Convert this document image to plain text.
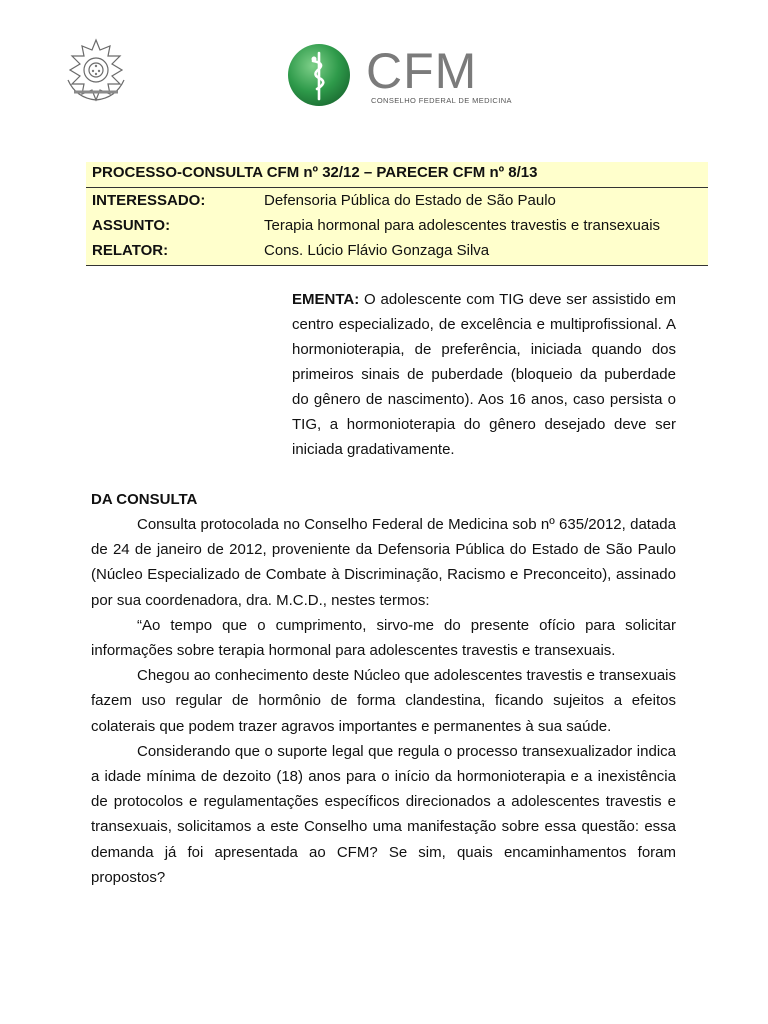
CFM
CONSELHO FEDERAL DE MEDICINA
PROCESSO-CONSULTA CFM nº 32/12 – PARECER CFM nº 8/13
INTERESSADO:	Defensoria Pública do Estado de São Paulo
ASSUNTO:	Terapia hormonal para adolescentes travestis e transexuais
RELATOR:	Cons. Lúcio Flávio Gonzaga Silva
EMENTA: O adolescente com TIG deve ser assistido em centro especializado, de excelência e multiprofissional. A hormonioterapia, de preferência, iniciada quando dos primeiros sinais de puberdade (bloqueio da puberdade do gênero de nascimento). Aos 16 anos, caso persista o TIG, a hormonioterapia do gênero desejado deve ser iniciada gradativamente.
DA CONSULTA

Consulta protocolada no Conselho Federal de Medicina sob nº 635/2012, datada de 24 de janeiro de 2012, proveniente da Defensoria Pública do Estado de São Paulo (Núcleo Especializado de Combate à Discriminação, Racismo e Preconceito), assinado por sua coordenadora, dra. M.C.D., nestes termos:

“Ao tempo que o cumprimento, sirvo-me do presente ofício para solicitar informações sobre terapia hormonal para adolescentes travestis e transexuais.

Chegou ao conhecimento deste Núcleo que adolescentes travestis e transexuais fazem uso regular de hormônio de forma clandestina, ficando sujeitos a efeitos colaterais que podem trazer agravos importantes e permanentes à sua saúde.

Considerando que o suporte legal que regula o processo transexualizador indica a idade mínima de dezoito (18) anos para o início da hormonioterapia e a inexistência de protocolos e regulamentações específicos direcionados a adolescentes travestis e transexuais, solicitamos a este Conselho uma manifestação sobre essa questão: essa demanda já foi apresentada ao CFM? Se sim, quais encaminhamentos foram propostos?
